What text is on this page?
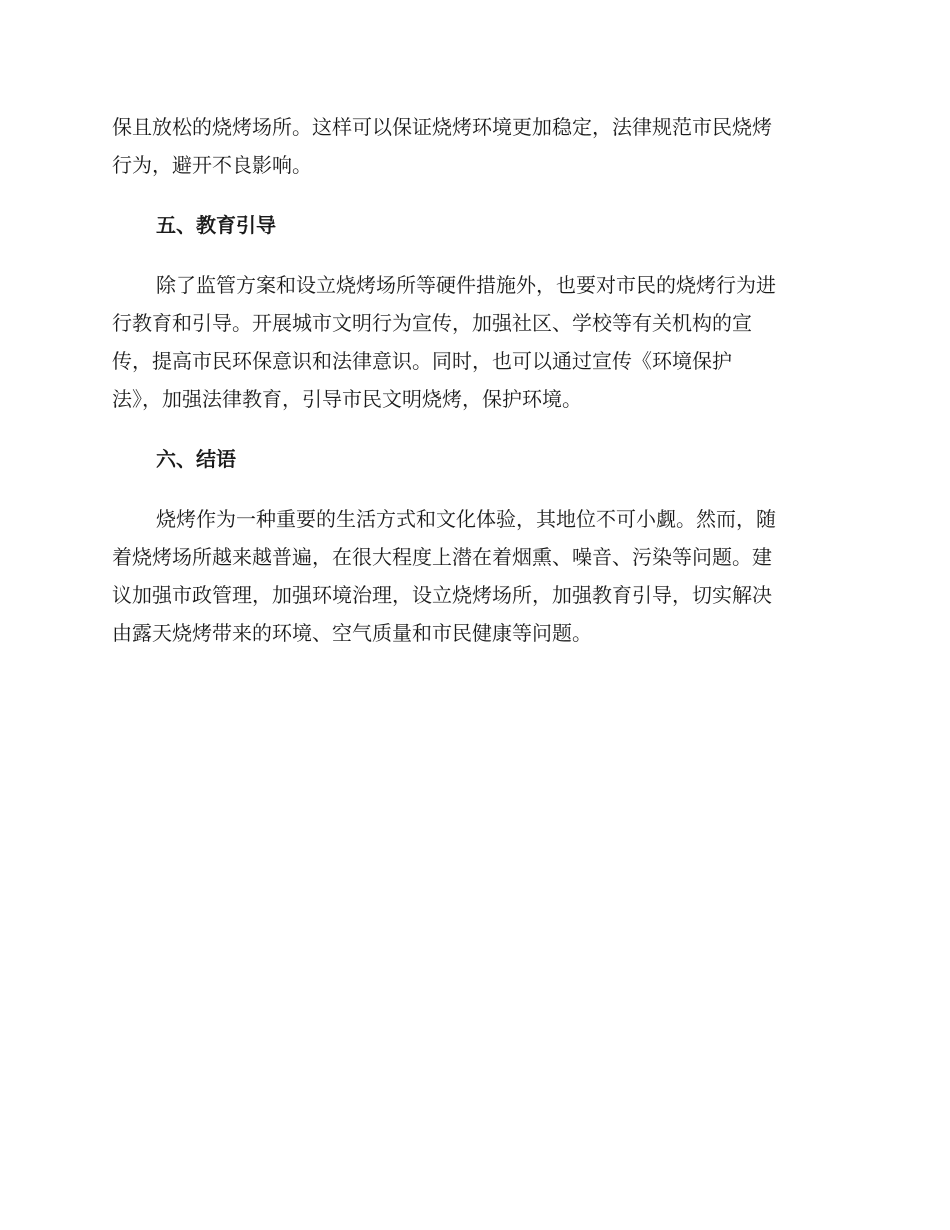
保且放松的烧烤场所。这样可以保证烧烤环境更加稳定，法律规范市民烧烤
行为，避开不良影响。
五、教育引导
除了监管方案和设立烧烤场所等硬件措施外，也要对市民的烧烤行为进
行教育和引导。开展城市文明行为宣传，加强社区、学校等有关机构的宣
传，提高市民环保意识和法律意识。同时，也可以通过宣传《环境保护
法》，加强法律教育，引导市民文明烧烤，保护环境。
六、结语
烧烤作为一种重要的生活方式和文化体验，其地位不可小觑。然而，随
着烧烤场所越来越普遍，在很大程度上潜在着烟熏、噪音、污染等问题。建
议加强市政管理，加强环境治理，设立烧烤场所，加强教育引导，切实解决
由露天烧烤带来的环境、空气质量和市民健康等问题。
